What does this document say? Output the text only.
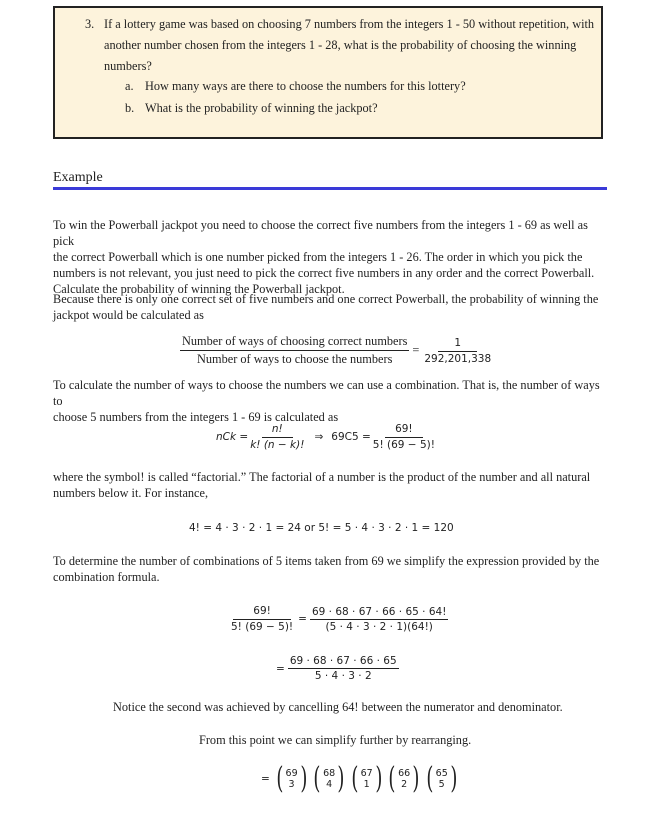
3. If a lottery game was based on choosing 7 numbers from the integers 1 - 50 without repetition, with
another number chosen from the integers 1 - 28, what is the probability of choosing the winning
numbers?
a. How many ways are there to choose the numbers for this lottery?
b. What is the probability of winning the jackpot?
Example

To win the Powerball jackpot you need to choose the correct five numbers from the integers 1 - 69 as well as pick

the correct Powerball which is one number picked from the integers 1 - 26. The order in which you pick the

numbers is not relevant, you just need to pick the correct five numbers in any order and the correct Powerball.

Calculate the probability of winning the Powerball jackpot.

Because there is only one correct set of five numbers and one correct Powerball, the probability of winning the

jackpot would be calculated as

$\frac{\text{Number of ways of choosing correct numbers}}{\text{Number of ways to choose the numbers}} = \frac{1}{292,201,338}$

To calculate the number of ways to choose the numbers we can use a combination. That is, the number of ways to

choose 5 numbers from the integers 1 - 69 is calculated as

nCk = $\frac{n!}{k! (n - k)!}$ ⇒ $69C5 = \frac{69!}{5! (69 - 5)!}$

where the symbol! is called “factorial.” The factorial of a number is the product of the number and all natural

numbers below it. For instance,

4! = 4 · 3 · 2 · 1 = 24 or 5! = 5 · 4 · 3 · 2 · 1 = 120

To determine the number of combinations of 5 items taken from 69 we simplify the expression provided by the

combination formula.

$\frac{69!}{5! (69 - 5)!} = \frac{69 \cdot 68 \cdot 67 \cdot 66 \cdot 65 \cdot 64!}{(5 \cdot 4 \cdot 3 \cdot 2 \cdot 1)(64!)}$
= $\frac{69 \cdot 68 \cdot 67 \cdot 66 \cdot 65}{5 \cdot 4 \cdot 3 \cdot 2}$
Notice the second was achieved by cancelling 64! between the numerator and denominator.
From this point we can simplify further by rearranging.
= ( 69
3 ) ( 68
4 ) ( 67
1 ) ( 66
2 ) ( 65
5 )
